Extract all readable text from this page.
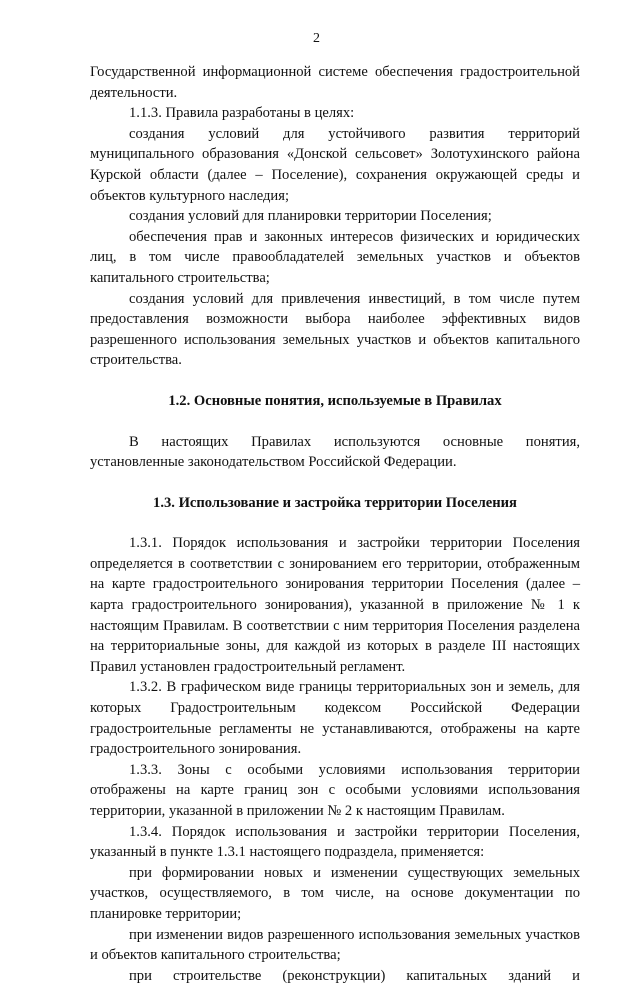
2

Государственной информационной системе обеспечения градостроительной деятельности.

1.1.3. Правила разработаны в целях:

создания условий для устойчивого развития территорий муниципального образования «Донской сельсовет» Золотухинского района Курской области (далее – Поселение), сохранения окружающей среды и объектов культурного наследия;

создания условий для планировки территории Поселения;

обеспечения прав и законных интересов физических и юридических лиц, в том числе правообладателей земельных участков и объектов капитального строительства;

создания условий для привлечения инвестиций, в том числе путем предоставления возможности выбора наиболее эффективных видов разрешенного использования земельных участков и объектов капитального строительства.

1.2. Основные понятия, используемые в Правилах

В настоящих Правилах используются основные понятия, установленные законодательством Российской Федерации.

1.3. Использование и застройка территории Поселения

1.3.1. Порядок использования и застройки территории Поселения определяется в соответствии с зонированием его территории, отображенным на карте градостроительного зонирования территории Поселения (далее – карта градостроительного зонирования), указанной в приложение № 1 к настоящим Правилам. В соответствии с ним территория Поселения разделена на территориальные зоны, для каждой из которых в разделе III настоящих Правил установлен градостроительный регламент.

1.3.2. В графическом виде границы территориальных зон и земель, для которых Градостроительным кодексом Российской Федерации градостроительные регламенты не устанавливаются, отображены на карте градостроительного зонирования.

1.3.3. Зоны с особыми условиями использования территории отображены на карте границ зон с особыми условиями использования территории, указанной в приложении № 2 к настоящим Правилам.

1.3.4. Порядок использования и застройки территории Поселения, указанный в пункте 1.3.1 настоящего подраздела, применяется:

при формировании новых и изменении существующих земельных участков, осуществляемого, в том числе, на основе документации по планировке территории;

при изменении видов разрешенного использования земельных участков и объектов капитального строительства;

при строительстве (реконструкции) капитальных зданий и
